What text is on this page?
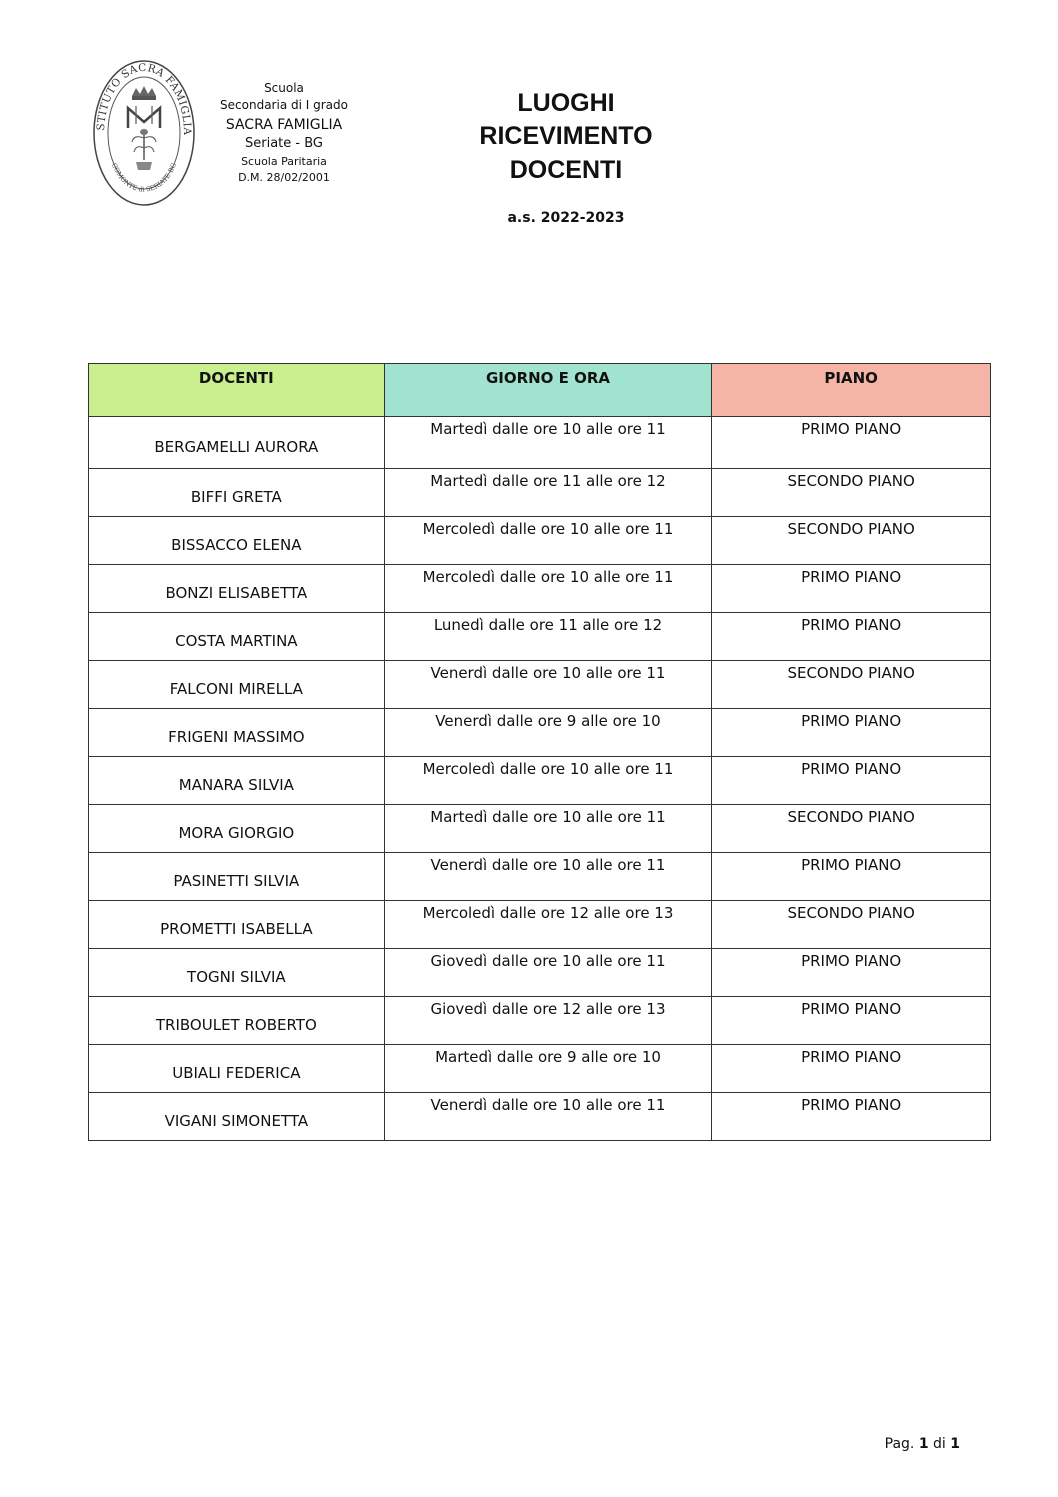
STITUTO SACRA FAMIGLIA
COMONTE di SERIATE BG
Scuola
Secondaria di I grado
SACRA FAMIGLIA
Seriate - BG
Scuola Paritaria
D.M. 28/02/2001
LUOGHI
RICEVIMENTO
DOCENTI
a.s. 2022-2023
DOCENTI	GIORNO E ORA	PIANO
BERGAMELLI AURORA	Martedì dalle ore 10 alle ore 11	PRIMO PIANO
BIFFI GRETA	Martedì dalle ore 11 alle ore 12	SECONDO PIANO
BISSACCO ELENA	Mercoledì dalle ore 10 alle ore 11	SECONDO PIANO
BONZI ELISABETTA	Mercoledì dalle ore 10 alle ore 11	PRIMO PIANO
COSTA MARTINA	Lunedì dalle ore 11 alle ore 12	PRIMO PIANO
FALCONI MIRELLA	Venerdì dalle ore 10 alle ore 11	SECONDO PIANO
FRIGENI MASSIMO	Venerdì dalle ore 9 alle ore 10	PRIMO PIANO
MANARA SILVIA	Mercoledì dalle ore 10 alle ore 11	PRIMO PIANO
MORA GIORGIO	Martedì dalle ore 10 alle ore 11	SECONDO PIANO
PASINETTI SILVIA	Venerdì dalle ore 10 alle ore 11	PRIMO PIANO
PROMETTI ISABELLA	Mercoledì dalle ore 12 alle ore 13	SECONDO PIANO
TOGNI SILVIA	Giovedì dalle ore 10 alle ore 11	PRIMO PIANO
TRIBOULET ROBERTO	Giovedì dalle ore 12 alle ore 13	PRIMO PIANO
UBIALI FEDERICA	Martedì dalle ore 9 alle ore 10	PRIMO PIANO
VIGANI SIMONETTA	Venerdì dalle ore 10 alle ore 11	PRIMO PIANO
Pag. 1 di 1
